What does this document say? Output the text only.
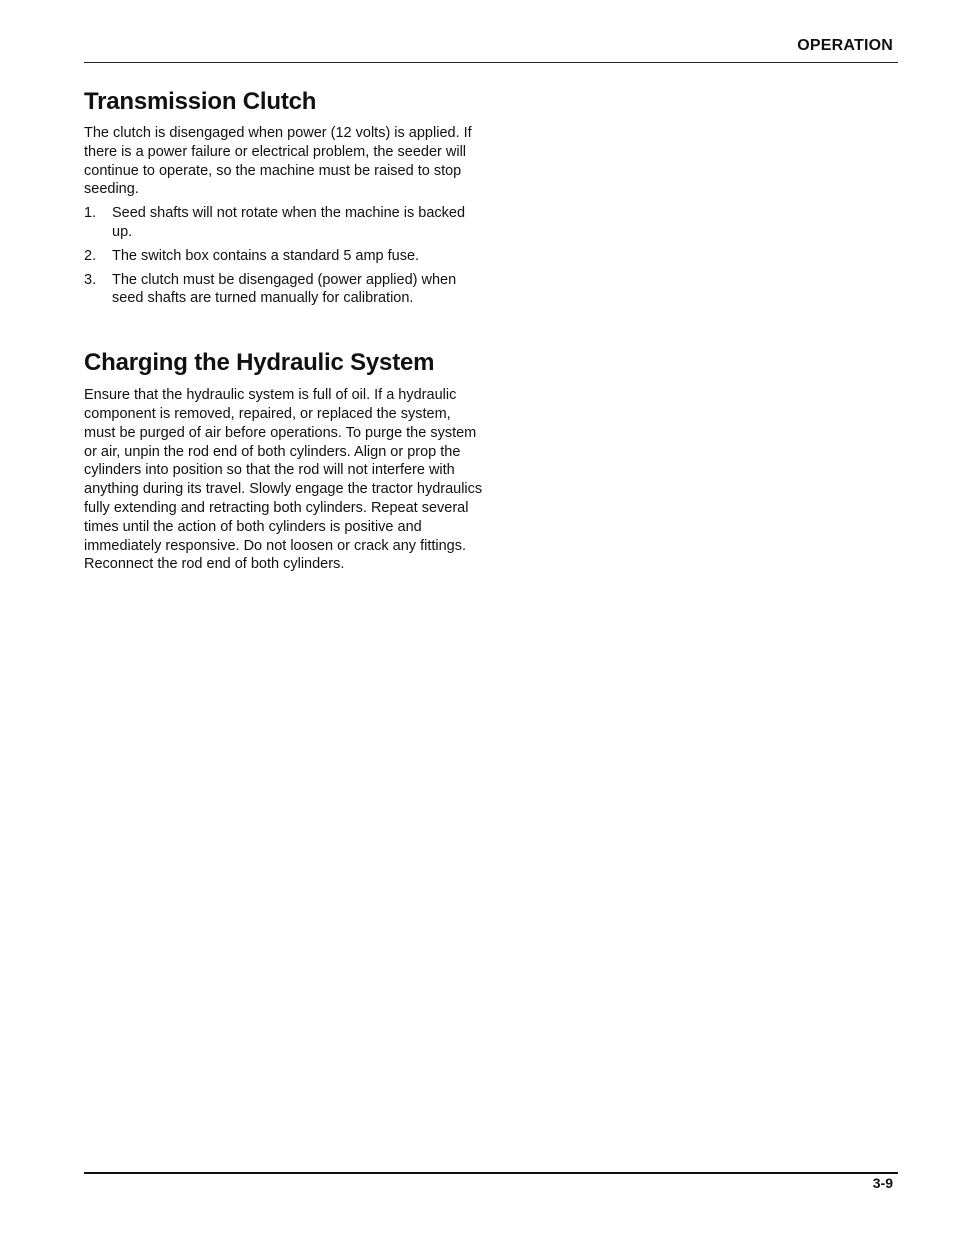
OPERATION
Transmission Clutch

The clutch is disengaged when power (12 volts) is applied. If there is a power failure or electrical problem, the seeder will continue to operate, so the machine must be raised to stop seeding.

1.	Seed shafts will not rotate when the machine is backed up.
2.	The switch box contains a standard 5 amp fuse.
3.	The clutch must be disengaged (power applied) when seed shafts are turned manually for calibration.
Charging the Hydraulic System

Ensure that the hydraulic system is full of oil. If a hydraulic component is removed, repaired, or replaced the system, must be purged of air before operations. To purge the system or air, unpin the rod end of both cylinders. Align or prop the cylinders into position so that the rod will not interfere with anything during its travel. Slowly engage the tractor hydraulics fully extending and retracting both cylinders. Repeat several times until the action of both cylinders is positive and immediately responsive. Do not loosen or crack any fittings. Reconnect the rod end of both cylinders.

3-9
